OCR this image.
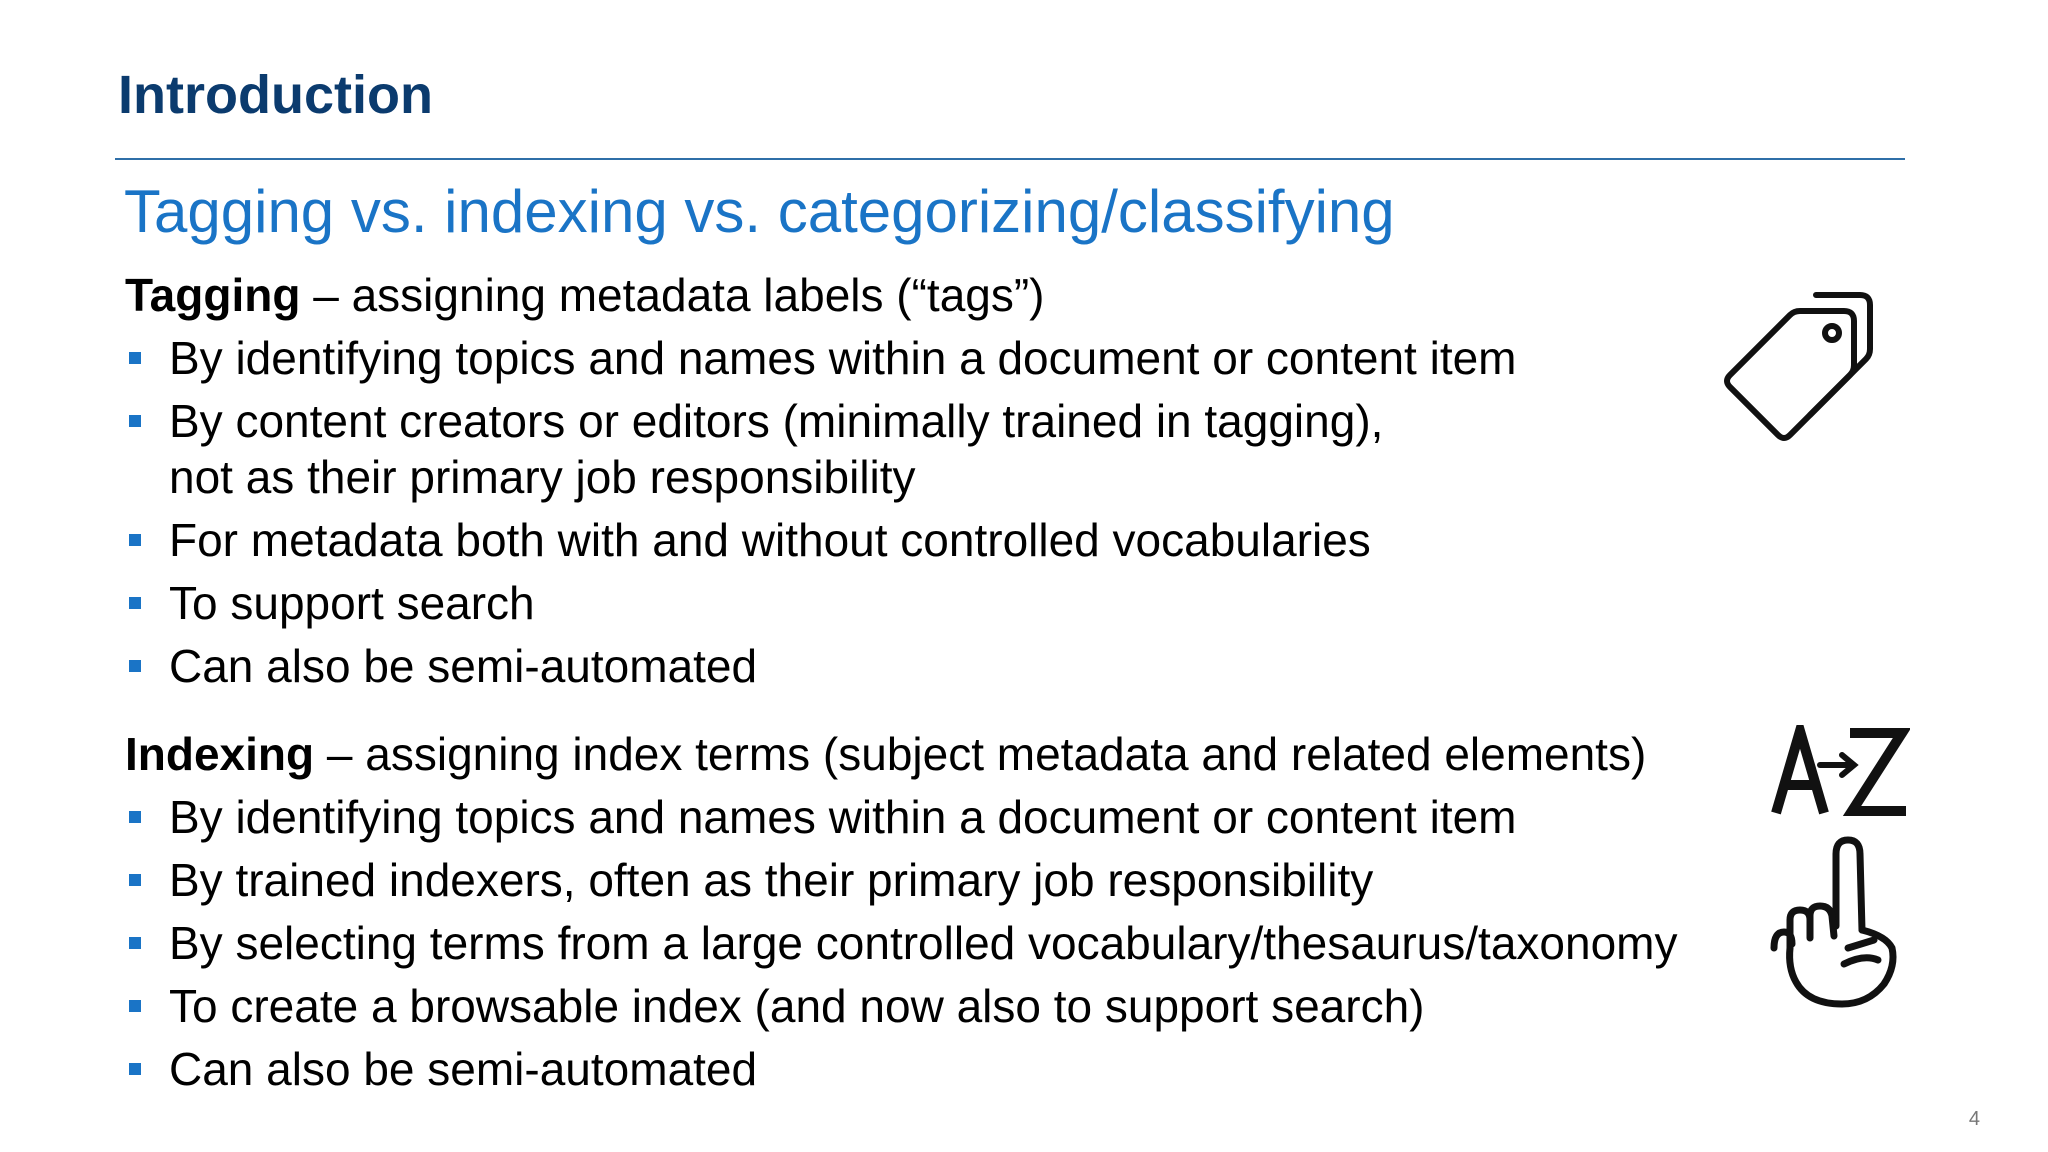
Introduction
Tagging vs. indexing vs. categorizing/classifying
Tagging – assigning metadata labels (“tags”)
By identifying topics and names within a document or content item
By content creators or editors (minimally trained in tagging),
not as their primary job responsibility
For metadata both with and without controlled vocabularies
To support search
Can also be semi-automated
Indexing – assigning index terms (subject metadata and related elements)
By identifying topics and names within a document or content item
By trained indexers, often as their primary job responsibility
By selecting terms from a large controlled vocabulary/thesaurus/taxonomy
To create a browsable index (and now also to support search)
Can also be semi-automated
4
